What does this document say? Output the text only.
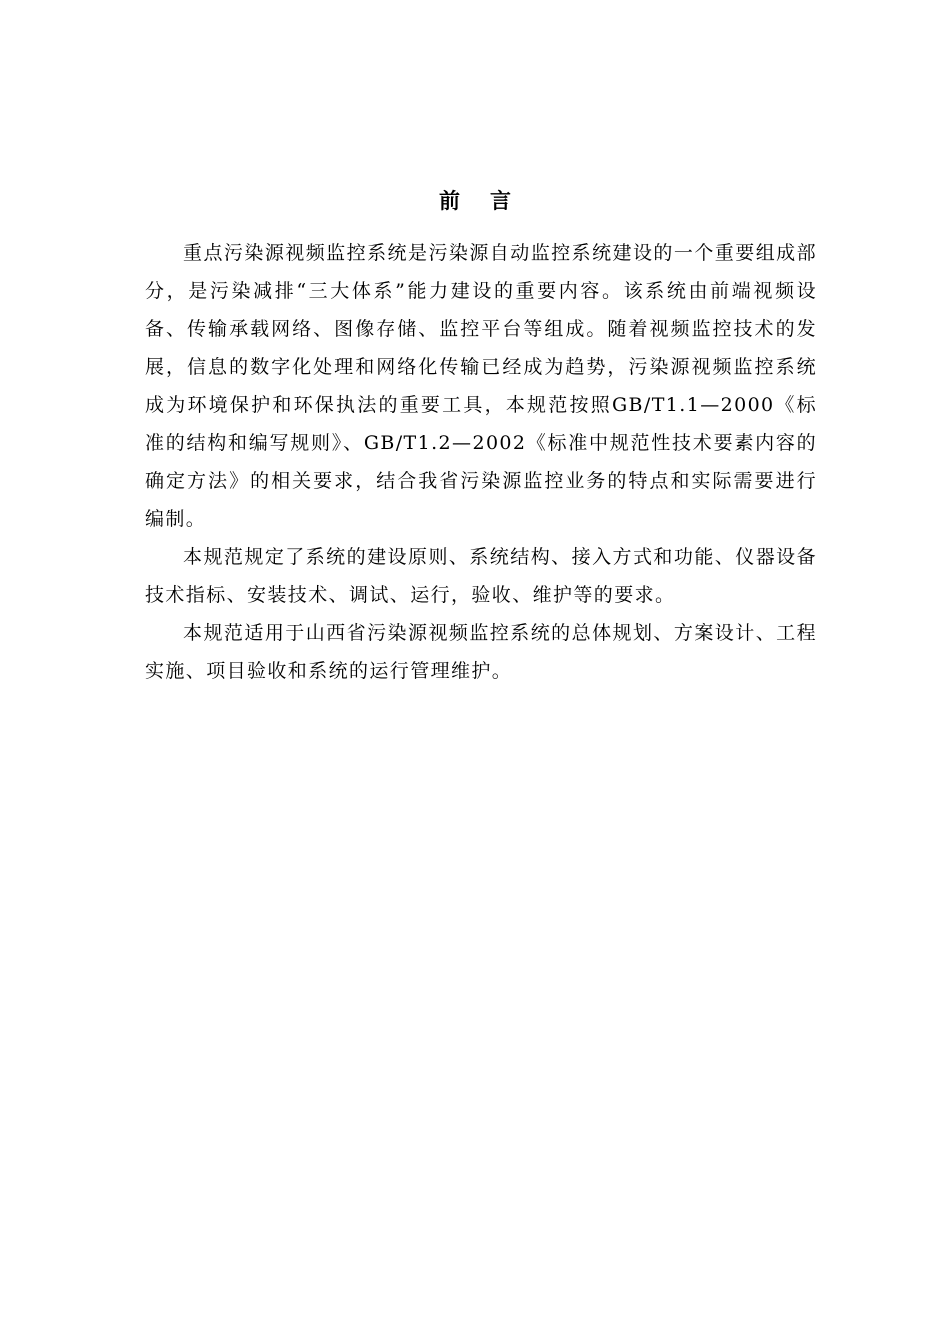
前言

重点污染源视频监控系统是污染源自动监控系统建设的一个重要组成部分，是污染减排“三大体系”能力建设的重要内容。该系统由前端视频设备、传输承载网络、图像存储、监控平台等组成。随着视频监控技术的发展，信息的数字化处理和网络化传输已经成为趋势，污染源视频监控系统成为环境保护和环保执法的重要工具，本规范按照GB/T1.1—2000《标准的结构和编写规则》、GB/T1.2—2002《标准中规范性技术要素内容的确定方法》的相关要求，结合我省污染源监控业务的特点和实际需要进行编制。

本规范规定了系统的建设原则、系统结构、接入方式和功能、仪器设备技术指标、安装技术、调试、运行，验收、维护等的要求。

本规范适用于山西省污染源视频监控系统的总体规划、方案设计、工程实施、项目验收和系统的运行管理维护。
